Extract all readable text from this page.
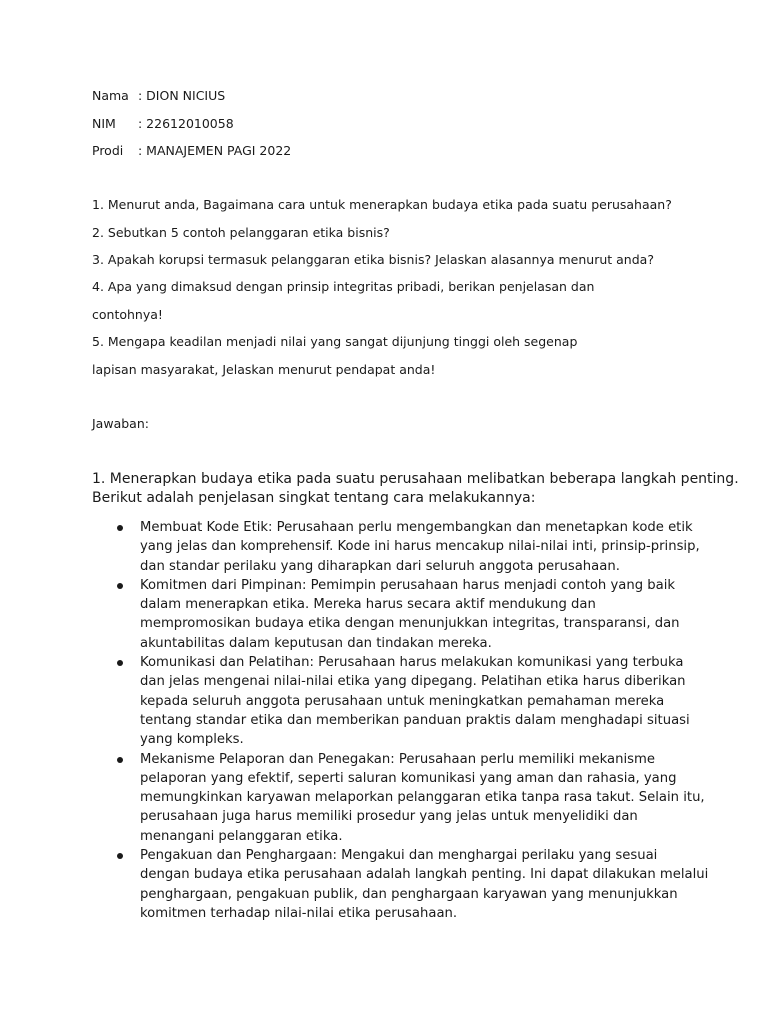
Nama : DION NICIUS
NIM : 22612010058
Prodi : MANAJEMEN PAGI 2022
1. Menurut anda, Bagaimana cara untuk menerapkan budaya etika pada suatu perusahaan?
2. Sebutkan 5 contoh pelanggaran etika bisnis?
3. Apakah korupsi termasuk pelanggaran etika bisnis? Jelaskan alasannya menurut anda?
4. Apa yang dimaksud dengan prinsip integritas pribadi, berikan penjelasan dan
contohnya!
5. Mengapa keadilan menjadi nilai yang sangat dijunjung tinggi oleh segenap
lapisan masyarakat, Jelaskan menurut pendapat anda!
Jawaban:

1. Menerapkan budaya etika pada suatu perusahaan melibatkan beberapa langkah penting.

Berikut adalah penjelasan singkat tentang cara melakukannya:

Membuat Kode Etik: Perusahaan perlu mengembangkan dan menetapkan kode etik
yang jelas dan komprehensif. Kode ini harus mencakup nilai-nilai inti, prinsip-prinsip,
dan standar perilaku yang diharapkan dari seluruh anggota perusahaan.
Komitmen dari Pimpinan: Pemimpin perusahaan harus menjadi contoh yang baik
dalam menerapkan etika. Mereka harus secara aktif mendukung dan
mempromosikan budaya etika dengan menunjukkan integritas, transparansi, dan
akuntabilitas dalam keputusan dan tindakan mereka.
Komunikasi dan Pelatihan: Perusahaan harus melakukan komunikasi yang terbuka
dan jelas mengenai nilai-nilai etika yang dipegang. Pelatihan etika harus diberikan
kepada seluruh anggota perusahaan untuk meningkatkan pemahaman mereka
tentang standar etika dan memberikan panduan praktis dalam menghadapi situasi
yang kompleks.
Mekanisme Pelaporan dan Penegakan: Perusahaan perlu memiliki mekanisme
pelaporan yang efektif, seperti saluran komunikasi yang aman dan rahasia, yang
memungkinkan karyawan melaporkan pelanggaran etika tanpa rasa takut. Selain itu,
perusahaan juga harus memiliki prosedur yang jelas untuk menyelidiki dan
menangani pelanggaran etika.
Pengakuan dan Penghargaan: Mengakui dan menghargai perilaku yang sesuai
dengan budaya etika perusahaan adalah langkah penting. Ini dapat dilakukan melalui
penghargaan, pengakuan publik, dan penghargaan karyawan yang menunjukkan
komitmen terhadap nilai-nilai etika perusahaan.
